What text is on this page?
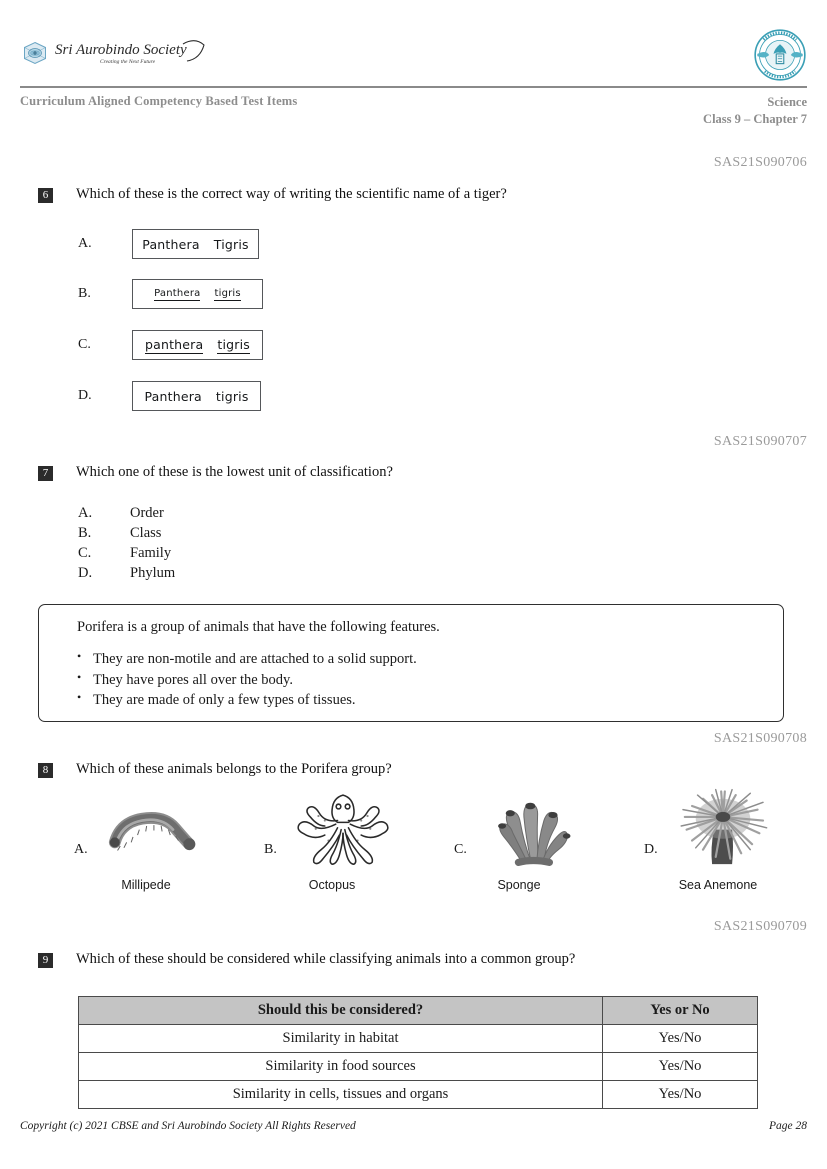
Sri Aurobindo Society
Creating the Next Future
Curriculum Aligned Competency Based Test Items	Science
Class 9 – Chapter 7
SAS21S090706
6	Which of these is the correct way of writing the scientific name of a tiger?
A.	Panthera Tigris
B.	Panthera tigris
C.	panthera tigris
D.	Panthera tigris
SAS21S090707
7	Which one of these is the lowest unit of classification?
A.	Order
B.	Class
C.	Family
D.	Phylum
Porifera is a group of animals that have the following features.
• They are non-motile and are attached to a solid support.
• They have pores all over the body.
• They are made of only a few types of tissues.
SAS21S090708
8	Which of these animals belongs to the Porifera group?
A.
Millipede
B.
Octopus
C.
Sponge
D.
Sea Anemone
SAS21S090709
9	Which of these should be considered while classifying animals into a common group?
Should this be considered?	Yes or No
Similarity in habitat	Yes/No
Similarity in food sources	Yes/No
Similarity in cells, tissues and organs	Yes/No
Copyright (c) 2021 CBSE and Sri Aurobindo Society All Rights Reserved	Page 28
